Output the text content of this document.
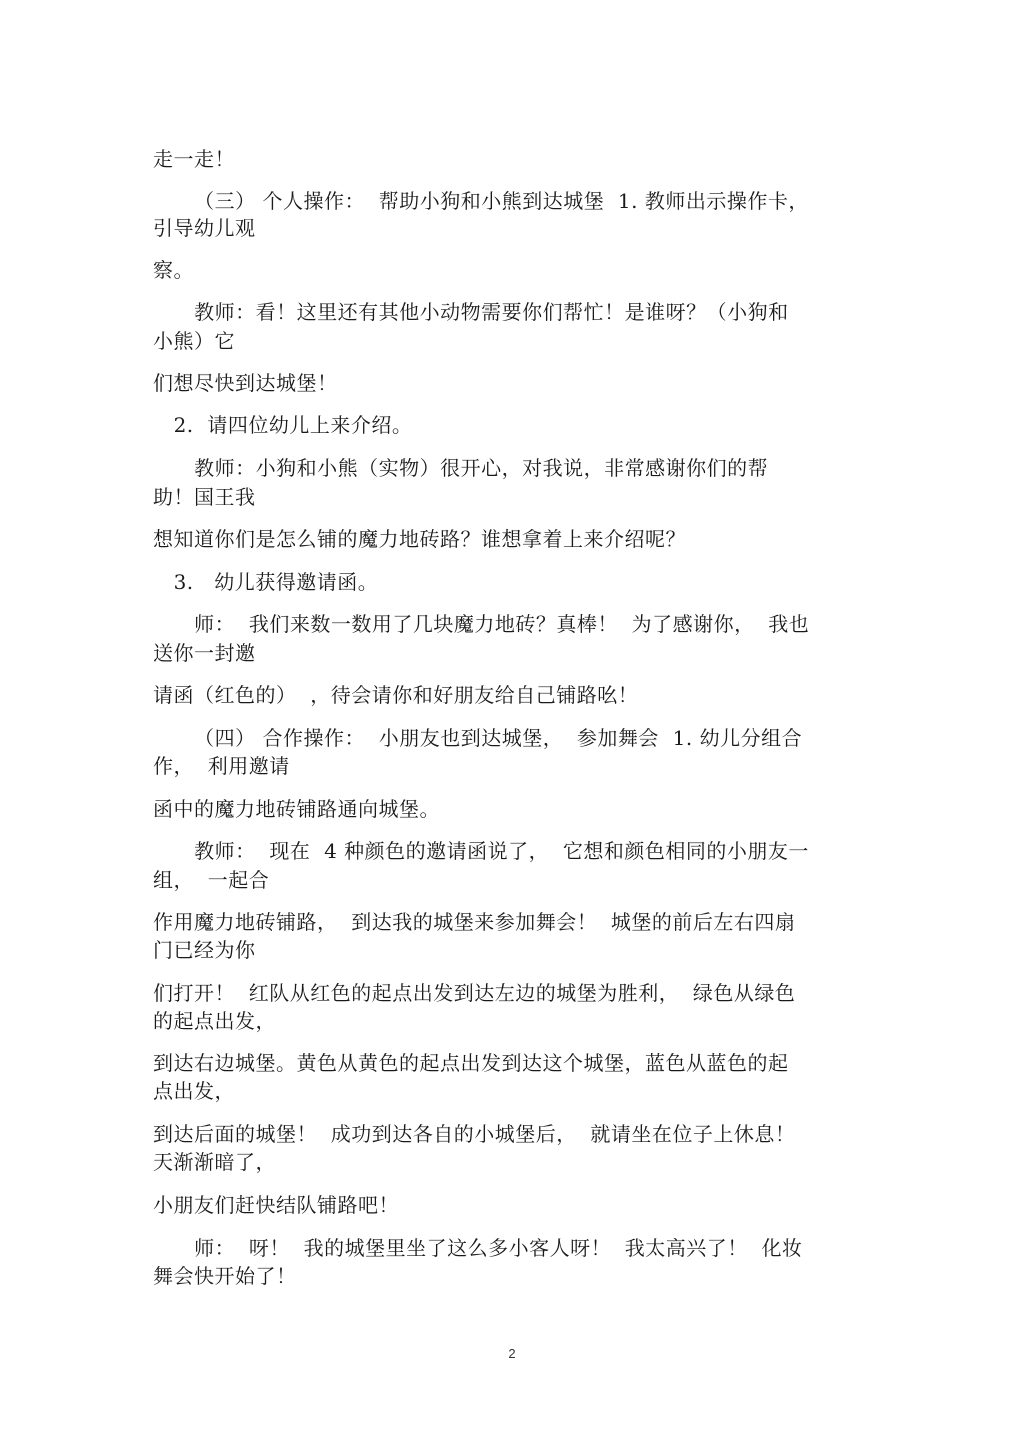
走一走！
（三） 个人操作：  帮助小狗和小熊到达城堡  1. 教师出示操作卡，
引导幼儿观
察。
教师：看！这里还有其他小动物需要你们帮忙！是谁呀？（小狗和
小熊）它
们想尽快到达城堡！
2.  请四位幼儿上来介绍。
教师：小狗和小熊（实物）很开心，对我说，非常感谢你们的帮
助！国王我
想知道你们是怎么铺的魔力地砖路？谁想拿着上来介绍呢？
3.   幼儿获得邀请函。
师：  我们来数一数用了几块魔力地砖？真棒！  为了感谢你，  我也
送你一封邀
请函（红色的）  ，待会请你和好朋友给自己铺路吆！
（四） 合作操作：  小朋友也到达城堡，  参加舞会  1. 幼儿分组合
作，  利用邀请
函中的魔力地砖铺路通向城堡。
教师：  现在  4 种颜色的邀请函说了，  它想和颜色相同的小朋友一
组，  一起合
作用魔力地砖铺路，  到达我的城堡来参加舞会！  城堡的前后左右四扇
门已经为你
们打开！  红队从红色的起点出发到达左边的城堡为胜利，  绿色从绿色
的起点出发，
到达右边城堡。黄色从黄色的起点出发到达这个城堡，蓝色从蓝色的起
点出发，
到达后面的城堡！  成功到达各自的小城堡后，  就请坐在位子上休息！
天渐渐暗了，
小朋友们赶快结队铺路吧！
师：  呀！  我的城堡里坐了这么多小客人呀！  我太高兴了！  化妆
舞会快开始了！
2
